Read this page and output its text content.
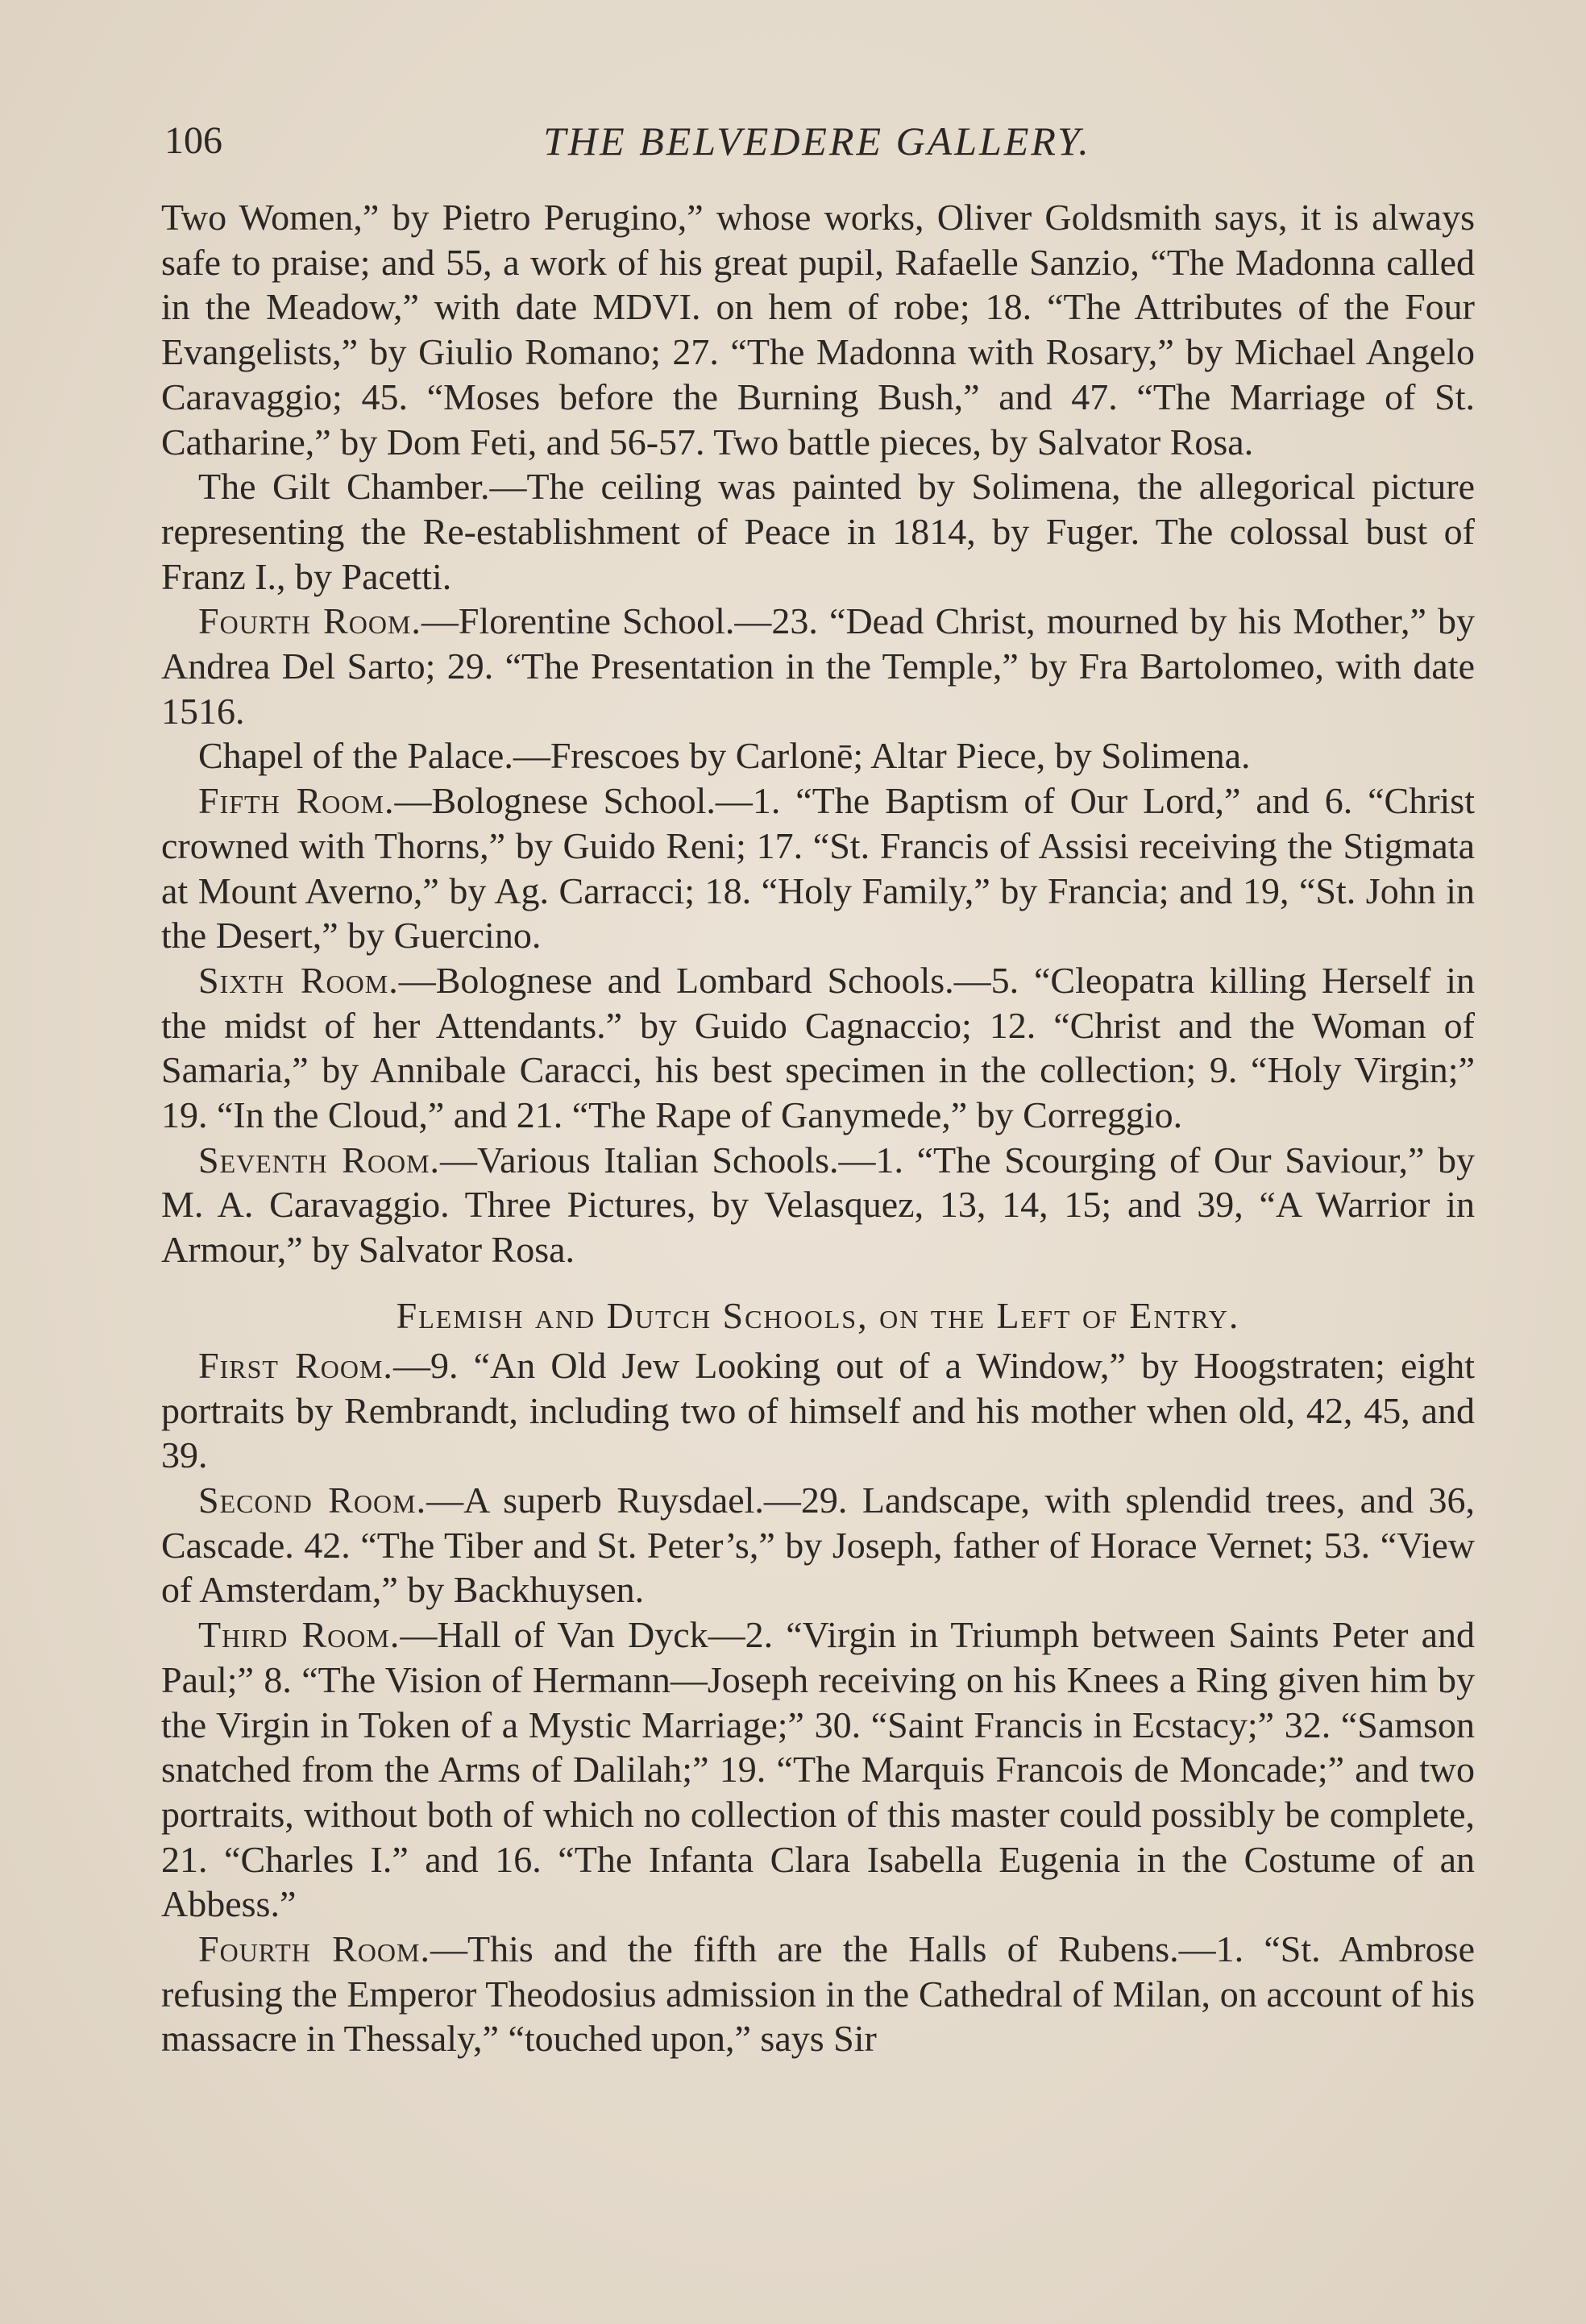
106	THE BELVEDERE GALLERY.

Two Women,” by Pietro Perugino,” whose works, Oliver Goldsmith says, it is always safe to praise; and 55, a work of his great pupil, Rafaelle Sanzio, “The Madonna called in the Meadow,” with date MDVI. on hem of robe; 18. “The Attributes of the Four Evangelists,” by Giulio Romano; 27. “The Madonna with Rosary,” by Michael Angelo Caravaggio; 45. “Moses before the Burning Bush,” and 47. “The Marriage of St. Catharine,” by Dom Feti, and 56-57. Two battle pieces, by Salvator Rosa.

The Gilt Chamber.—The ceiling was painted by Solimena, the allegorical picture representing the Re-establishment of Peace in 1814, by Fuger. The colossal bust of Franz I., by Pacetti.

Fourth Room.—Florentine School.—23. “Dead Christ, mourned by his Mother,” by Andrea Del Sarto; 29. “The Presentation in the Temple,” by Fra Bartolomeo, with date 1516.

Chapel of the Palace.—Frescoes by Carlonē; Altar Piece, by Solimena.

Fifth Room.—Bolognese School.—1. “The Baptism of Our Lord,” and 6. “Christ crowned with Thorns,” by Guido Reni; 17. “St. Francis of Assisi receiving the Stigmata at Mount Averno,” by Ag. Carracci; 18. “Holy Family,” by Francia; and 19, “St. John in the Desert,” by Guercino.

Sixth Room.—Bolognese and Lombard Schools.—5. “Cleopatra killing Herself in the midst of her Attendants.” by Guido Cagnaccio; 12. “Christ and the Woman of Samaria,” by Annibale Caracci, his best specimen in the collection; 9. “Holy Virgin;” 19. “In the Cloud,” and 21. “The Rape of Ganymede,” by Correggio.

Seventh Room.—Various Italian Schools.—1. “The Scourging of Our Saviour,” by M. A. Caravaggio. Three Pictures, by Velasquez, 13, 14, 15; and 39, “A Warrior in Armour,” by Salvator Rosa.

Flemish and Dutch Schools, on the Left of Entry.

First Room.—9. “An Old Jew Looking out of a Window,” by Hoogstraten; eight portraits by Rembrandt, including two of himself and his mother when old, 42, 45, and 39.

Second Room.—A superb Ruysdael.—29. Landscape, with splendid trees, and 36, Cascade. 42. “The Tiber and St. Peter’s,” by Joseph, father of Horace Vernet; 53. “View of Amsterdam,” by Backhuysen.

Third Room.—Hall of Van Dyck—2. “Virgin in Triumph between Saints Peter and Paul;” 8. “The Vision of Hermann—Joseph receiving on his Knees a Ring given him by the Virgin in Token of a Mystic Marriage;” 30. “Saint Francis in Ecstacy;” 32. “Samson snatched from the Arms of Dalilah;” 19. “The Marquis Francois de Moncade;” and two portraits, without both of which no collection of this master could possibly be complete, 21. “Charles I.” and 16. “The Infanta Clara Isabella Eugenia in the Costume of an Abbess.”

Fourth Room.—This and the fifth are the Halls of Rubens.—1. “St. Ambrose refusing the Emperor Theodosius admission in the Cathedral of Milan, on account of his massacre in Thessaly,” “touched upon,” says Sir
